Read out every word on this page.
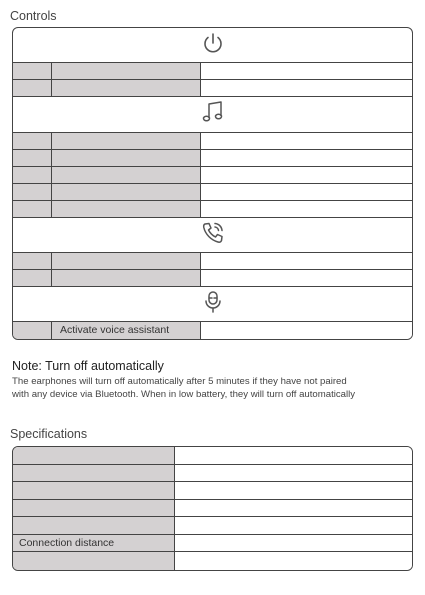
Controls
Activate voice assistant
Note: Turn off automatically
The earphones will turn off automatically after 5 minutes if they have not paired
with any device via Bluetooth. When in low battery, they will turn off automatically
Specifications
Connection distance
